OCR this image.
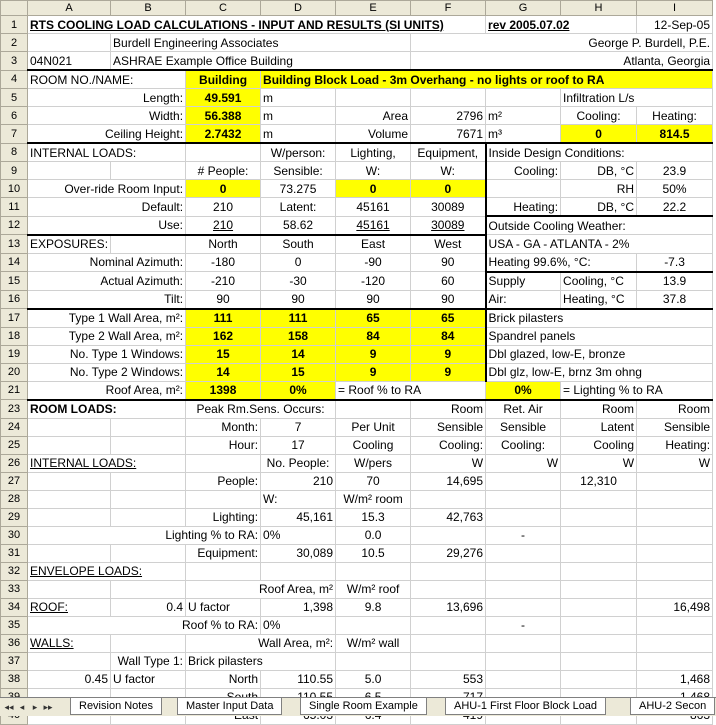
	A	B	C	D	E	F	G	H	I
1	RTS COOLING LOAD CALCULATIONS - INPUT AND RESULTS (SI UNITS)						rev 2005.07.02		12-Sep-05
2		Burdell Engineering Associates				George P. Burdell, P.E.			
3	04N021	ASHRAE Example Office Building				Atlanta, Georgia			
4	ROOM NO./NAME:		Building	Building Block Load - 3m Overhang - no lights or roof to RA					
5	Length:		49.591	m				Infiltration L/s	
6	Width:		56.388	m	Area	2796	m²	Cooling:	Heating:
7	Ceiling Height:		2.7432	m	Volume	7671	m³	0	814.5
8	INTERNAL LOADS:			W/person:	Lighting,	Equipment,	Inside Design Conditions:		
9			# People:	Sensible:	W:	W:	Cooling:	DB, °C	23.9
10	Over-ride Room Input:		0	73.275	0	0		RH	50%
11	Default:		210	Latent:	45161	30089	Heating:	DB, °C	22.2
12	Use:		210	58.62	45161	30089	Outside Cooling Weather:		
13	EXPOSURES:		North	South	East	West	USA - GA - ATLANTA - 2%		
14	Nominal Azimuth:		-180	0	-90	90	Heating 99.6%, °C:		-7.3
15	Actual Azimuth:		-210	-30	-120	60	Supply	Cooling, °C	13.9
16	Tilt:		90	90	90	90	Air:	Heating, °C	37.8
17	Type 1 Wall Area, m²:		111	111	65	65	Brick pilasters		
18	Type 2 Wall Area, m²:		162	158	84	84	Spandrel panels		
19	No. Type 1 Windows:		15	14	9	9	Dbl glazed, low-E, bronze		
20	No. Type 2 Windows:		14	15	9	9	Dbl glz, low-E, brnz 3m ohng		
21	Roof Area, m²:		1398	0%	= Roof % to RA		0%	= Lighting % to RA	
23	ROOM LOADS:		Peak Rm.Sens. Occurs:			Room	Ret. Air	Room	Room
24			Month:	7	Per Unit	Sensible	Sensible	Latent	Sensible
25			Hour:	17	Cooling	Cooling:	Cooling:	Cooling	Heating:
26	INTERNAL LOADS:			No. People:	W/pers	W	W	W	W
27			People:	210	70	14,695		12,310	
28				W:	W/m² room				
29			Lighting:	45,161	15.3	42,763			
30	Lighting % to RA:			0%	0.0		-		
31			Equipment:	30,089	10.5	29,276			
32	ENVELOPE LOADS:								
33			Roof Area, m²		W/m² roof				
34	ROOF:	0.4	U factor	1,398	9.8	13,696			16,498
35	Roof % to RA:			0%			-		
36	WALLS:		Wall Area, m²:		W/m² wall				
37		Wall Type 1:	Brick pilasters						
38	0.45	U factor	North	110.55	5.0	553			1,468

◂◂ ◂ ▸ ▸▸	Revision Notes	Master Input Data	Single Room Example	AHU-1 First Floor Block Load	AHU-2 Secon
